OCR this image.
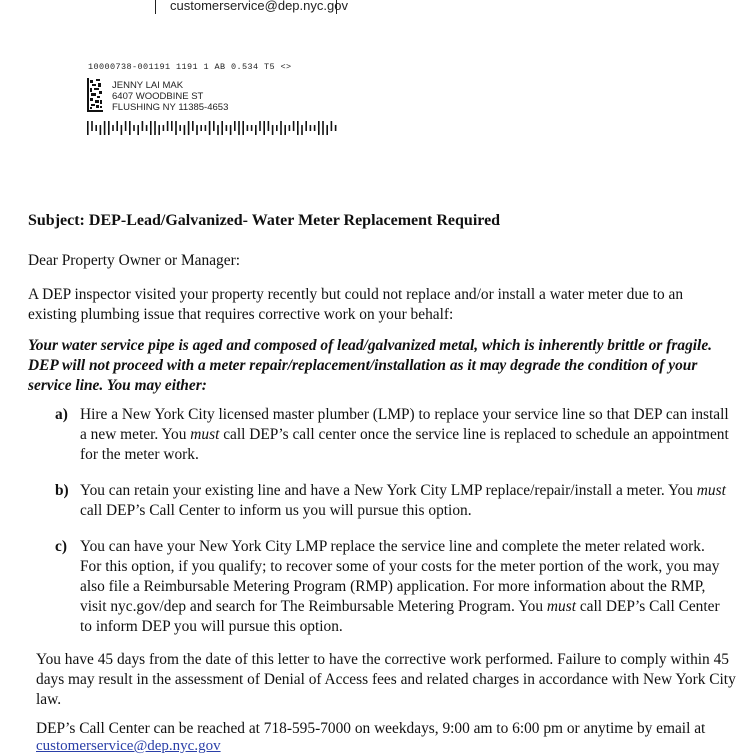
customerservice@dep.nyc.gov
10000738-001191 1191 1 AB 0.534 T5 <>
JENNY LAI MAK
6407 WOODBINE ST
FLUSHING NY 11385-4653
Subject: DEP-Lead/Galvanized- Water Meter Replacement Required

Dear Property Owner or Manager:

A DEP inspector visited your property recently but could not replace and/or install a water meter due to an existing plumbing issue that requires corrective work on your behalf:

Your water service pipe is aged and composed of lead/galvanized metal, which is inherently brittle or fragile. DEP will not proceed with a meter repair/replacement/installation as it may degrade the condition of your service line. You may either:

a) Hire a New York City licensed master plumber (LMP) to replace your service line so that DEP can install a new meter. You must call DEP’s call center once the service line is replaced to schedule an appointment for the meter work.
b) You can retain your existing line and have a New York City LMP replace/repair/install a meter. You must call DEP’s Call Center to inform us you will pursue this option.
c) You can have your New York City LMP replace the service line and complete the meter related work. For this option, if you qualify; to recover some of your costs for the meter portion of the work, you may also file a Reimbursable Metering Program (RMP) application. For more information about the RMP, visit nyc.gov/dep and search for The Reimbursable Metering Program. You must call DEP’s Call Center to inform DEP you will pursue this option.

You have 45 days from the date of this letter to have the corrective work performed. Failure to comply within 45 days may result in the assessment of Denial of Access fees and related charges in accordance with New York City law.

DEP’s Call Center can be reached at 718-595-7000 on weekdays, 9:00 am to 6:00 pm or anytime by email at

customerservice@dep.nyc.gov
